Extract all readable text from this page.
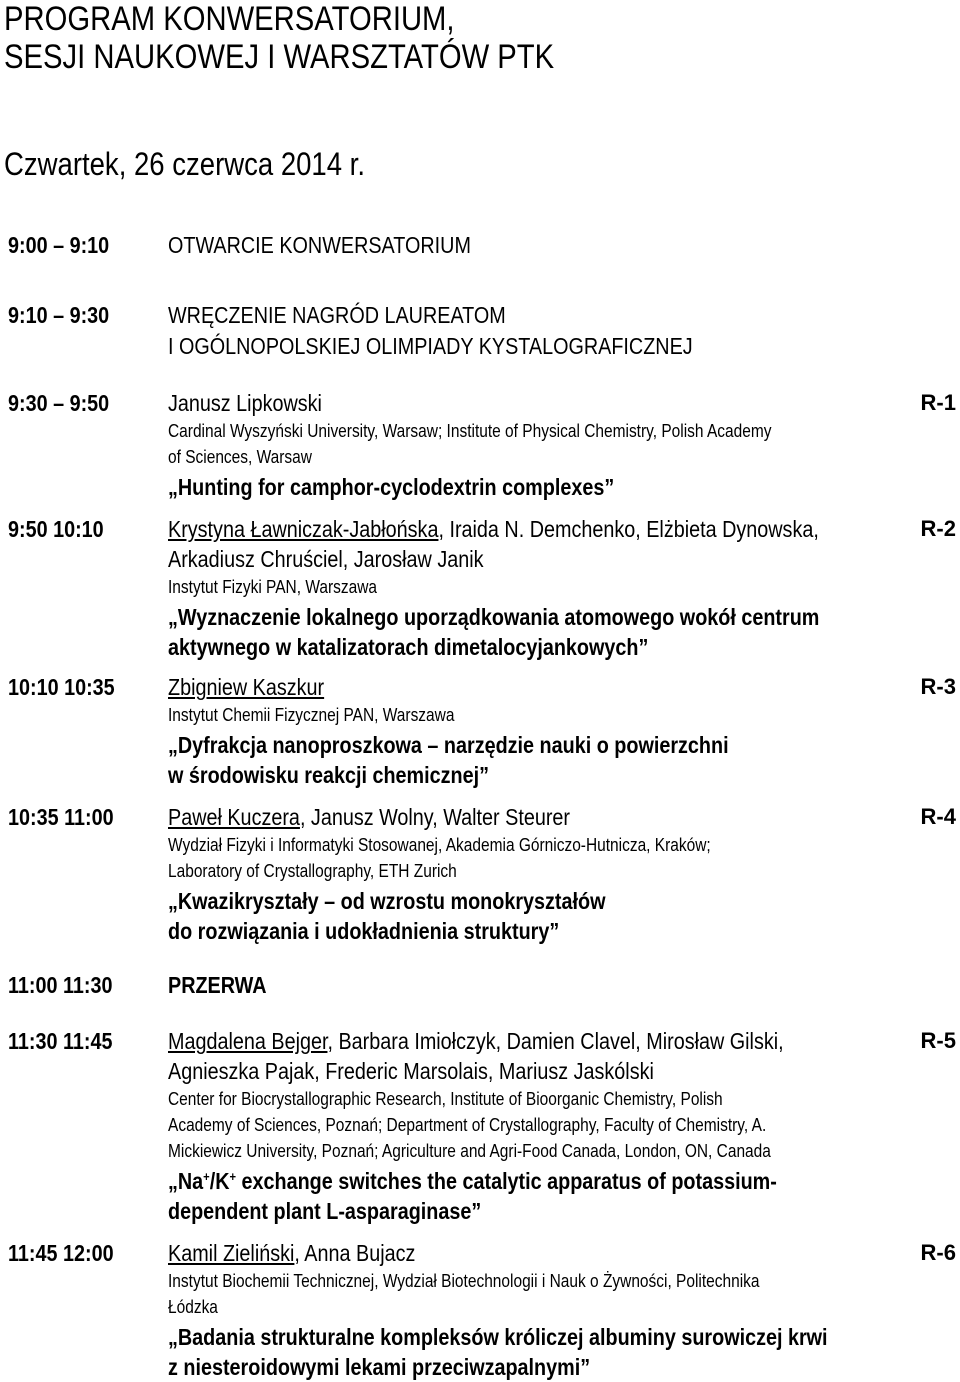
PROGRAM KONWERSATORIUM,
SESJI NAUKOWEJ I WARSZTATÓW PTK
Czwartek, 26 czerwca 2014 r.
9:00 – 9:10	OTWARCIE KONWERSATORIUM
9:10 – 9:30	WRĘCZENIE NAGRÓD LAUREATOM
I OGÓLNOPOLSKIEJ OLIMPIADY KYSTALOGRAFICZNEJ
9:30 – 9:50	Janusz Lipkowski
Cardinal Wyszyński University, Warsaw; Institute of Physical Chemistry, Polish Academy
of Sciences, Warsaw
„Hunting for camphor-cyclodextrin complexes”
R-1
9:50 10:10	Krystyna Ławniczak-Jabłońska, Iraida N. Demchenko, Elżbieta Dynowska,
Arkadiusz Chruściel, Jarosław Janik
Instytut Fizyki PAN, Warszawa
„Wyznaczenie lokalnego uporządkowania atomowego wokół centrum
aktywnego w katalizatorach dimetalocyjankowych”
R-2
10:10 10:35	Zbigniew Kaszkur
Instytut Chemii Fizycznej PAN, Warszawa
„Dyfrakcja nanoproszkowa – narzędzie nauki o powierzchni
w środowisku reakcji chemicznej”
R-3
10:35 11:00	Paweł Kuczera, Janusz Wolny, Walter Steurer
Wydział Fizyki i Informatyki Stosowanej, Akademia Górniczo-Hutnicza, Kraków;
Laboratory of Crystallography, ETH Zurich
„Kwazikryształy – od wzrostu monokryształów
do rozwiązania i udokładnienia struktury”
R-4
11:00 11:30	PRZERWA
11:30 11:45	Magdalena Bejger, Barbara Imiołczyk, Damien Clavel, Mirosław Gilski,
Agnieszka Pajak, Frederic Marsolais, Mariusz Jaskólski
Center for Biocrystallographic Research, Institute of Bioorganic Chemistry, Polish
Academy of Sciences, Poznań; Department of Crystallography, Faculty of Chemistry, A.
Mickiewicz University, Poznań; Agriculture and Agri-Food Canada, London, ON, Canada
„Na+/K+ exchange switches the catalytic apparatus of potassium-
dependent plant L-asparaginase”
R-5
11:45 12:00	Kamil Zieliński, Anna Bujacz
Instytut Biochemii Technicznej, Wydział Biotechnologii i Nauk o Żywności, Politechnika
Łódzka
„Badania strukturalne kompleksów króliczej albuminy surowiczej krwi
z niesteroidowymi lekami przeciwzapalnymi”
R-6
